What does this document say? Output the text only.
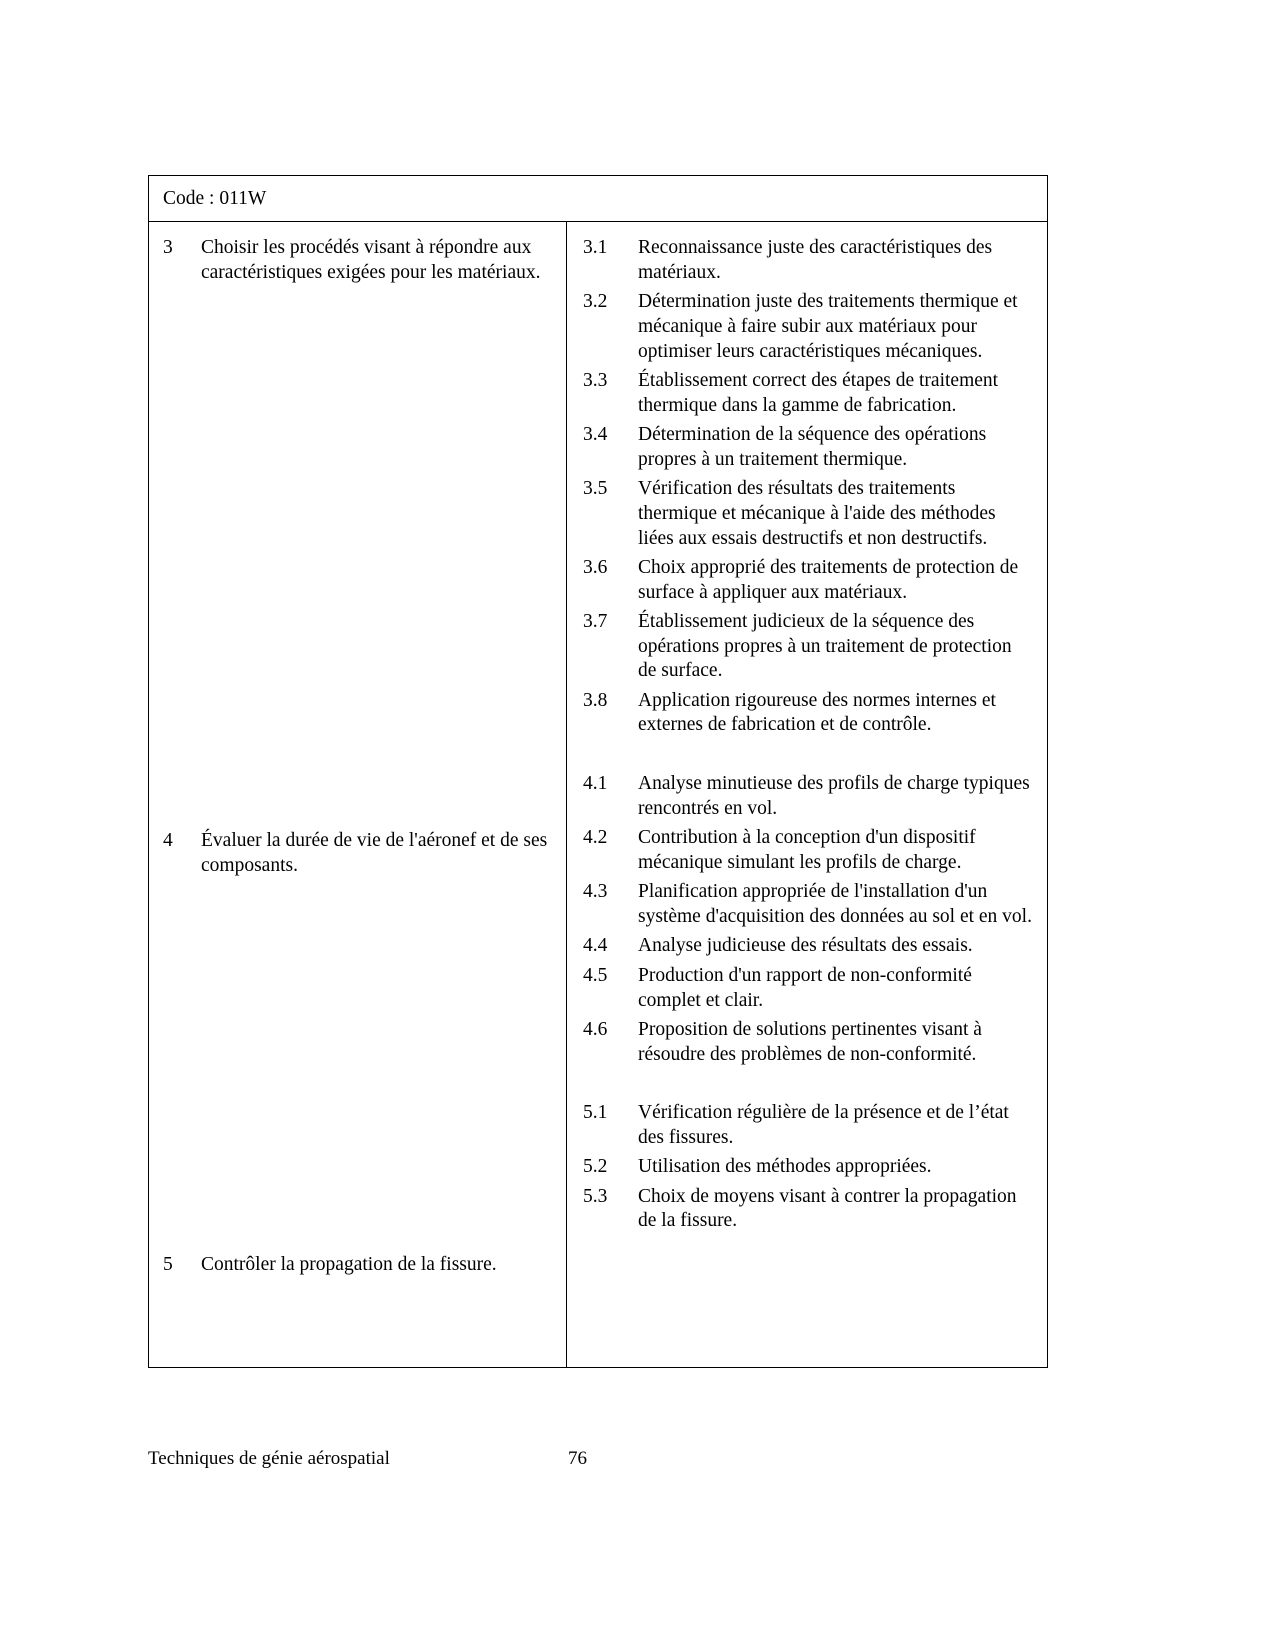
Code : 011W
3	Choisir les procédés visant à répondre aux caractéristiques exigées pour les matériaux.
4	Évaluer la durée de vie de l'aéronef et de ses composants.
5	Contrôler la propagation de la fissure.
3.1	Reconnaissance juste des caractéristiques des matériaux.
3.2	Détermination juste des traitements thermique et mécanique à faire subir aux matériaux pour optimiser leurs caractéristiques mécaniques.
3.3	Établissement correct des étapes de traitement thermique dans la gamme de fabrication.
3.4	Détermination de la séquence des opérations propres à un traitement thermique.
3.5	Vérification des résultats des traitements thermique et mécanique à l'aide des méthodes liées aux essais destructifs et non destructifs.
3.6	Choix approprié des traitements de protection de surface à appliquer aux matériaux.
3.7	Établissement judicieux de la séquence des opérations propres à un traitement de protection de surface.
3.8	Application rigoureuse des normes internes et externes de fabrication et de contrôle.
4.1	Analyse minutieuse des profils de charge typiques rencontrés en vol.
4.2	Contribution à la conception d'un dispositif mécanique simulant les profils de charge.
4.3	Planification appropriée de l'installation d'un système d'acquisition des données au sol et en vol.
4.4	Analyse judicieuse des résultats des essais.
4.5	Production d'un rapport de non-conformité complet et clair.
4.6	Proposition de solutions pertinentes visant à résoudre des problèmes de non-conformité.
5.1	Vérification régulière de la présence et de l’état des fissures.
5.2	Utilisation des méthodes appropriées.
5.3	Choix de moyens visant à contrer la propagation de la fissure.
Techniques de génie aérospatial	76
